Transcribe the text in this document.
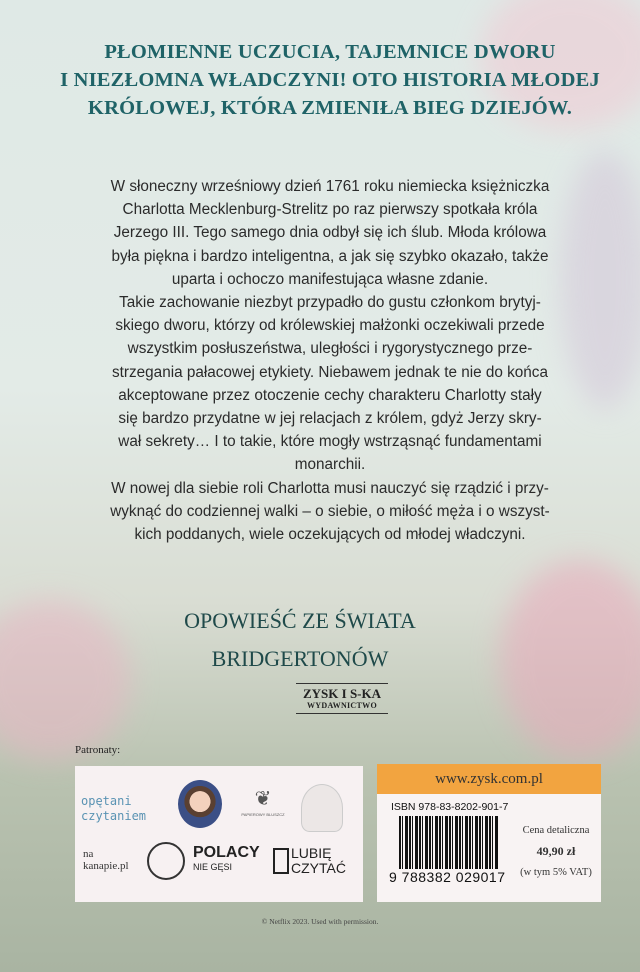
PŁOMIENNE UCZUCIA, TAJEMNICE DWORU
I NIEZŁOMNA WŁADCZYNI! OTO HISTORIA MŁODEJ
KRÓLOWEJ, KTÓRA ZMIENIŁA BIEG DZIEJÓW.
W słoneczny wrześniowy dzień 1761 roku niemiecka księżniczka
Charlotta Mecklenburg-Strelitz po raz pierwszy spotkała króla
Jerzego III. Tego samego dnia odbył się ich ślub. Młoda królowa
była piękna i bardzo inteligentna, a jak się szybko okazało, także
uparta i ochoczo manifestująca własne zdanie.
Takie zachowanie niezbyt przypadło do gustu członkom brytyj-
skiego dworu, którzy od królewskiej małżonki oczekiwali przede
wszystkim posłuszeństwa, uległości i rygorystycznego prze-
strzegania pałacowej etykiety. Niebawem jednak te nie do końca
akceptowane przez otoczenie cechy charakteru Charlotty stały
się bardzo przydatne w jej relacjach z królem, gdyż Jerzy skry-
wał sekrety… I to takie, które mogły wstrząsnąć fundamentami
monarchii.
W nowej dla siebie roli Charlotta musi nauczyć się rządzić i przy-
wyknąć do codziennej walki – o siebie, o miłość męża i o wszyst-
kich poddanych, wiele oczekujących od młodej władczyni.
OPOWIEŚĆ ZE ŚWIATA
BRIDGERTONÓW
ZYSK I S-KA
WYDAWNICTWO
Patronaty:
opętani
czytaniem
❦
PAPIEROWY BLUSZCZ
na
kanapie.pl
POLACY
NIE GĘSI
LUBIĘ
CZYTAĆ
www.zysk.com.pl
ISBN 978-83-8202-901-7
9 788382 029017
Cena detaliczna
49,90 zł
(w tym 5% VAT)
© Netflix 2023. Used with permission.
